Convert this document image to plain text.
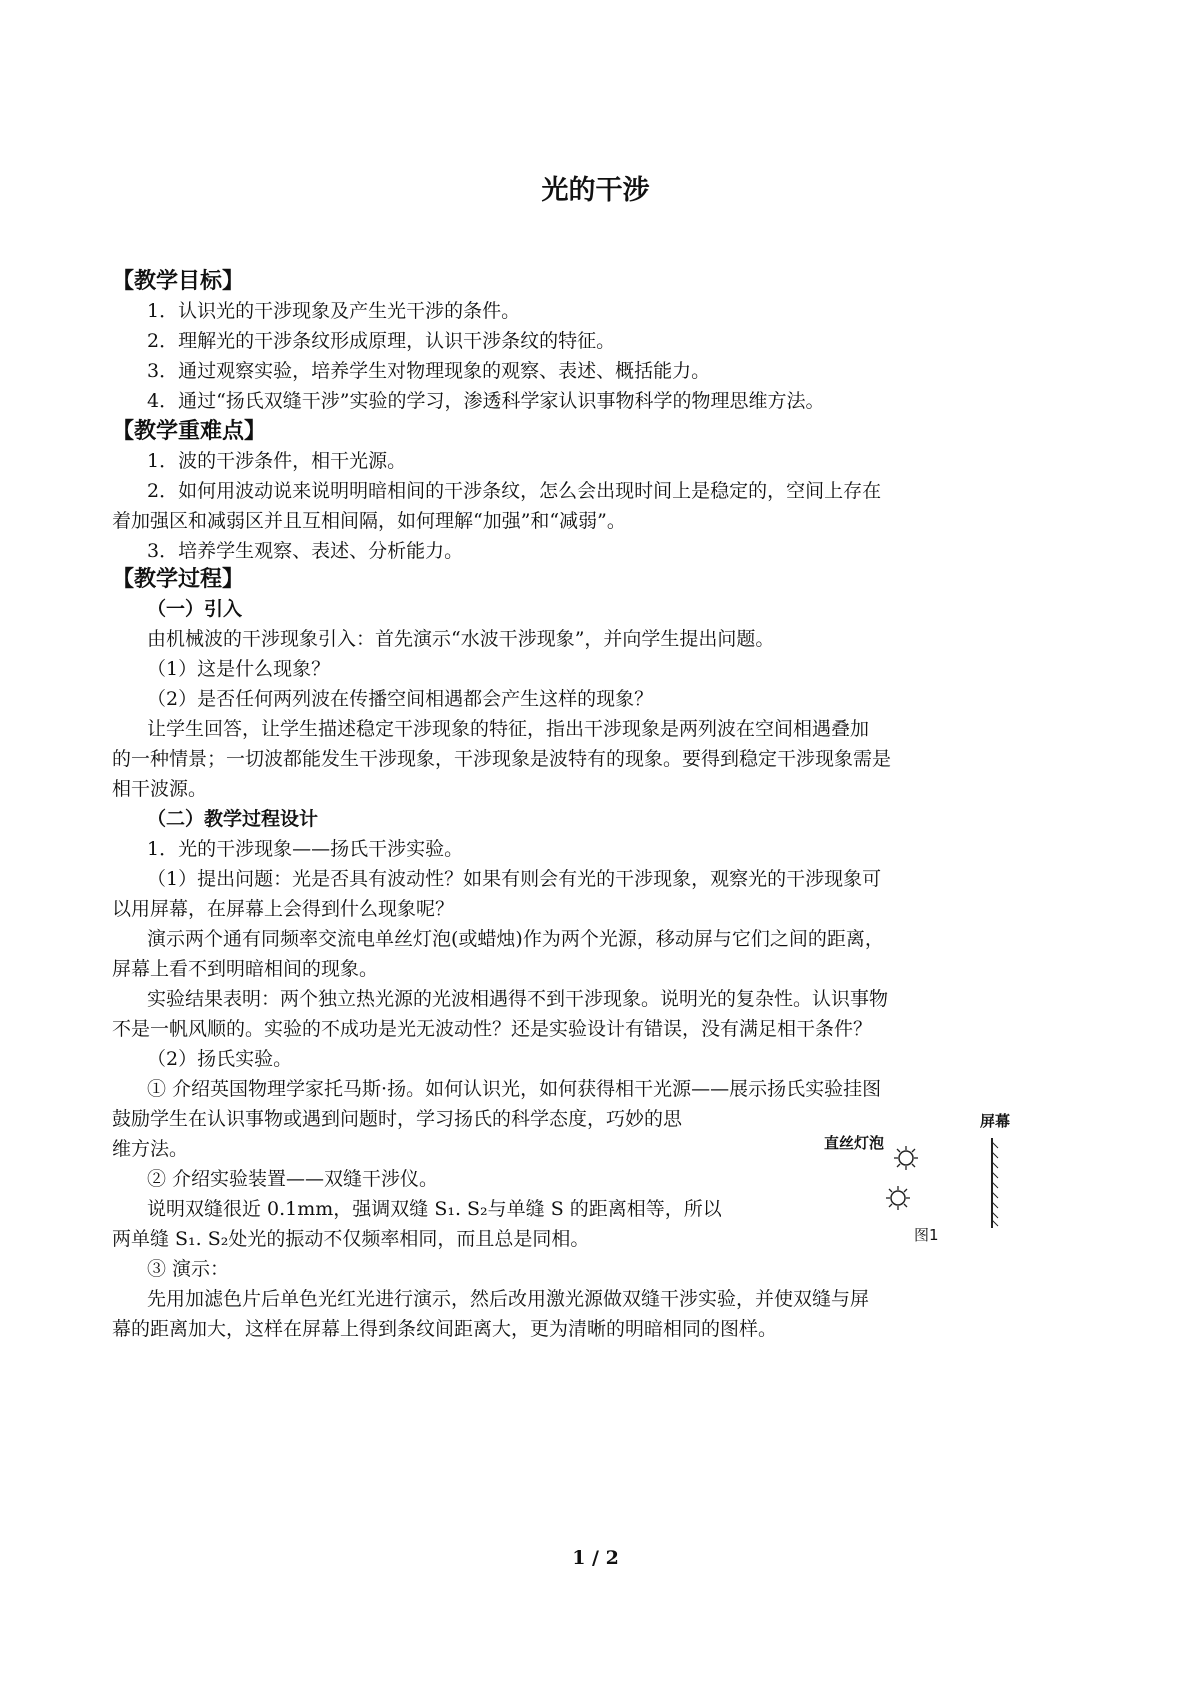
光的干涉
【教学目标】
1．认识光的干涉现象及产生光干涉的条件。
2．理解光的干涉条纹形成原理，认识干涉条纹的特征。
3．通过观察实验，培养学生对物理现象的观察、表述、概括能力。
4．通过“扬氏双缝干涉”实验的学习，渗透科学家认识事物科学的物理思维方法。
【教学重难点】
1．波的干涉条件，相干光源。
2．如何用波动说来说明明暗相间的干涉条纹，怎么会出现时间上是稳定的，空间上存在
着加强区和减弱区并且互相间隔，如何理解“加强”和“减弱”。
3．培养学生观察、表述、分析能力。
【教学过程】
（一）引入
由机械波的干涉现象引入：首先演示“水波干涉现象”，并向学生提出问题。
（1）这是什么现象？
（2）是否任何两列波在传播空间相遇都会产生这样的现象？
让学生回答，让学生描述稳定干涉现象的特征，指出干涉现象是两列波在空间相遇叠加
的一种情景；一切波都能发生干涉现象，干涉现象是波特有的现象。要得到稳定干涉现象需是
相干波源。
（二）教学过程设计
1．光的干涉现象——扬氏干涉实验。
（1）提出问题：光是否具有波动性？如果有则会有光的干涉现象，观察光的干涉现象可
以用屏幕，在屏幕上会得到什么现象呢？
演示两个通有同频率交流电单丝灯泡(或蜡烛)作为两个光源，移动屏与它们之间的距离，
屏幕上看不到明暗相间的现象。
实验结果表明：两个独立热光源的光波相遇得不到干涉现象。说明光的复杂性。认识事物
不是一帆风顺的。实验的不成功是光无波动性？还是实验设计有错误，没有满足相干条件？
（2）扬氏实验。
① 介绍英国物理学家托马斯·扬。如何认识光，如何获得相干光源——展示扬氏实验挂图
鼓励学生在认识事物或遇到问题时，学习扬氏的科学态度，巧妙的思
维方法。
② 介绍实验装置——双缝干涉仪。
说明双缝很近 0.1mm，强调双缝 S₁. S₂与单缝 S 的距离相等，所以
两单缝 S₁. S₂处光的振动不仅频率相同，而且总是同相。
③ 演示：
先用加滤色片后单色光红光进行演示，然后改用激光源做双缝干涉实验，并使双缝与屏
幕的距离加大，这样在屏幕上得到条纹间距离大，更为清晰的明暗相同的图样。
屏幕
直丝灯泡
图1
1 / 2
